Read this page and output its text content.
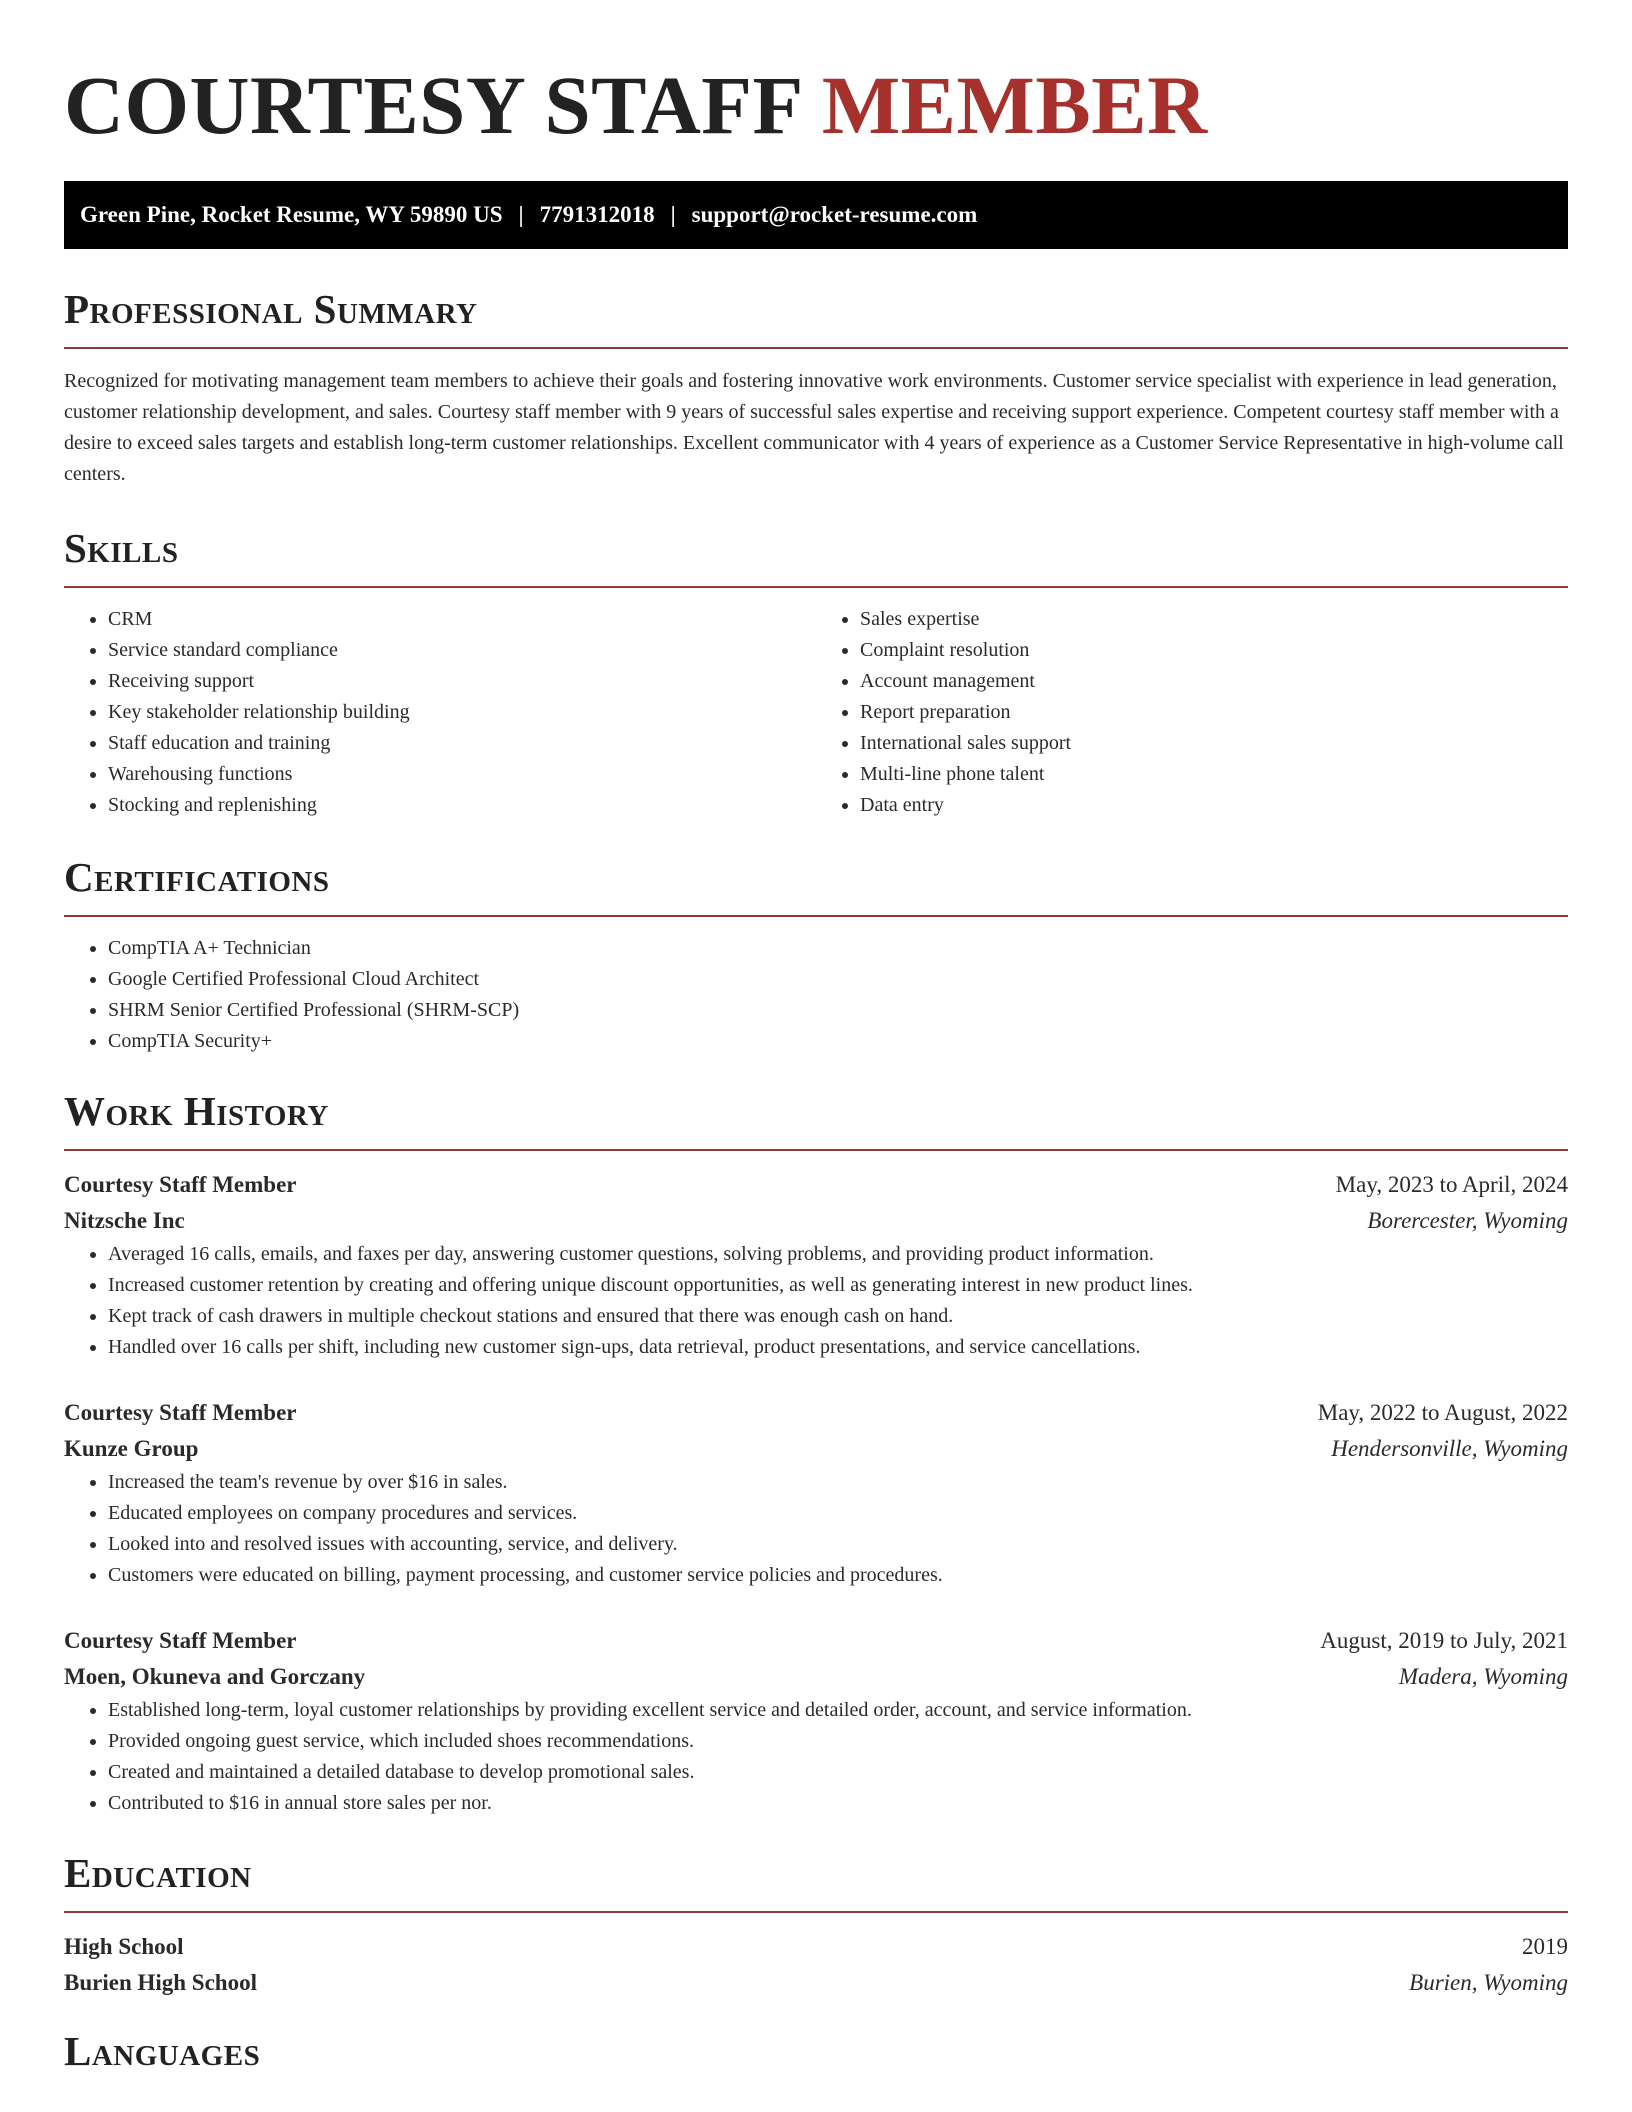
COURTESY STAFF MEMBER
Green Pine, Rocket Resume, WY 59890 US | 7791312018 | support@rocket-resume.com
Professional Summary

Recognized for motivating management team members to achieve their goals and fostering innovative work environments. Customer service specialist with experience in lead generation, customer relationship development, and sales. Courtesy staff member with 9 years of successful sales expertise and receiving support experience. Competent courtesy staff member with a desire to exceed sales targets and establish long-term customer relationships. Excellent communicator with 4 years of experience as a Customer Service Representative in high-volume call centers.

Skills
• CRM
• Service standard compliance
• Receiving support
• Key stakeholder relationship building
• Staff education and training
• Warehousing functions
• Stocking and replenishing
• Sales expertise
• Complaint resolution
• Account management
• Report preparation
• International sales support
• Multi-line phone talent
• Data entry
Certifications
• CompTIA A+ Technician
• Google Certified Professional Cloud Architect
• SHRM Senior Certified Professional (SHRM-SCP)
• CompTIA Security+
Work History
Courtesy Staff Member	May, 2023 to April, 2024
Nitzsche Inc	Borercester, Wyoming
• Averaged 16 calls, emails, and faxes per day, answering customer questions, solving problems, and providing product information.
• Increased customer retention by creating and offering unique discount opportunities, as well as generating interest in new product lines.
• Kept track of cash drawers in multiple checkout stations and ensured that there was enough cash on hand.
• Handled over 16 calls per shift, including new customer sign-ups, data retrieval, product presentations, and service cancellations.
Courtesy Staff Member	May, 2022 to August, 2022
Kunze Group	Hendersonville, Wyoming
• Increased the team's revenue by over $16 in sales.
• Educated employees on company procedures and services.
• Looked into and resolved issues with accounting, service, and delivery.
• Customers were educated on billing, payment processing, and customer service policies and procedures.
Courtesy Staff Member	August, 2019 to July, 2021
Moen, Okuneva and Gorczany	Madera, Wyoming
• Established long-term, loyal customer relationships by providing excellent service and detailed order, account, and service information.
• Provided ongoing guest service, which included shoes recommendations.
• Created and maintained a detailed database to develop promotional sales.
• Contributed to $16 in annual store sales per nor.
Education
High School	2019
Burien High School	Burien, Wyoming
Languages
